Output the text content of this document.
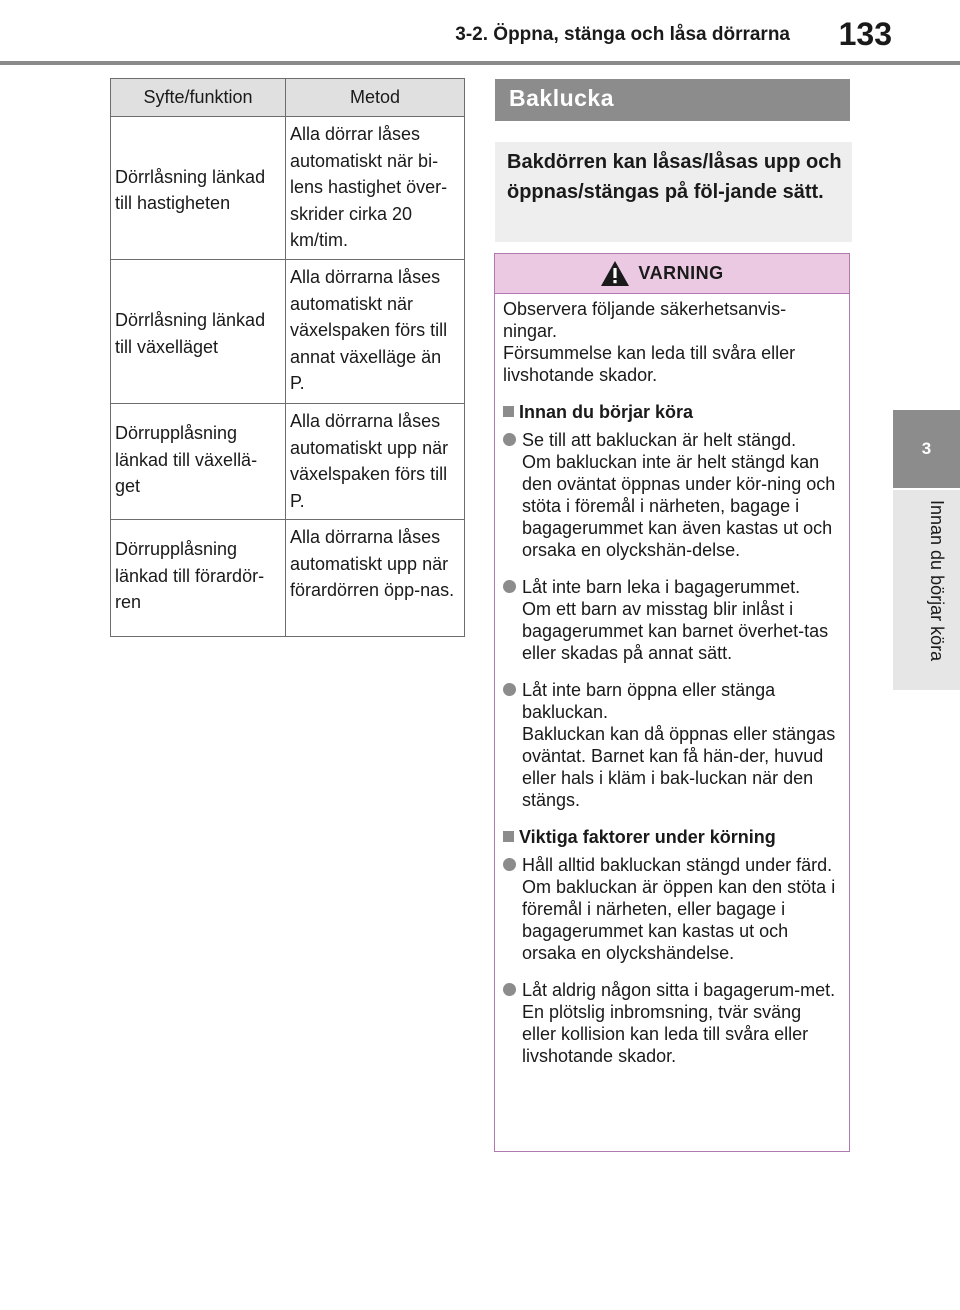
3-2. Öppna, stänga och låsa dörrarna	133
3
Innan du börjar köra
Syfte/funktion	Metod
Dörrlåsning länkad till hastigheten	Alla dörrar låses automatiskt när bi-lens hastighet över-skrider cirka 20 km/tim.
Dörrlåsning länkad till växelläget	Alla dörrarna låses automatiskt när växelspaken förs till annat växelläge än P.
Dörrupplåsning länkad till växellä-get	Alla dörrarna låses automatiskt upp när växelspaken förs till P.
Dörrupplåsning länkad till förardör-ren	Alla dörrarna låses automatiskt upp när förardörren öpp-nas.
Baklucka
Bakdörren kan låsas/låsas upp och öppnas/stängas på föl-jande sätt.
VARNING
Observera följande säkerhetsanvis-ningar.
Försummelse kan leda till svåra eller livshotande skador.
Innan du börjar köra
Se till att bakluckan är helt stängd.
Om bakluckan inte är helt stängd kan den oväntat öppnas under kör-ning och stöta i föremål i närheten, bagage i bagagerummet kan även kastas ut och orsaka en olyckshän-delse.
Låt inte barn leka i bagagerummet.
Om ett barn av misstag blir inlåst i bagagerummet kan barnet överhet-tas eller skadas på annat sätt.
Låt inte barn öppna eller stänga bakluckan.
Bakluckan kan då öppnas eller stängas oväntat. Barnet kan få hän-der, huvud eller hals i kläm i bak-luckan när den stängs.
Viktiga faktorer under körning
Håll alltid bakluckan stängd under färd.
Om bakluckan är öppen kan den stöta i föremål i närheten, eller bagage i bagagerummet kan kastas ut och orsaka en olyckshändelse.
Låt aldrig någon sitta i bagagerum-met.
En plötslig inbromsning, tvär sväng eller kollision kan leda till svåra eller livshotande skador.
